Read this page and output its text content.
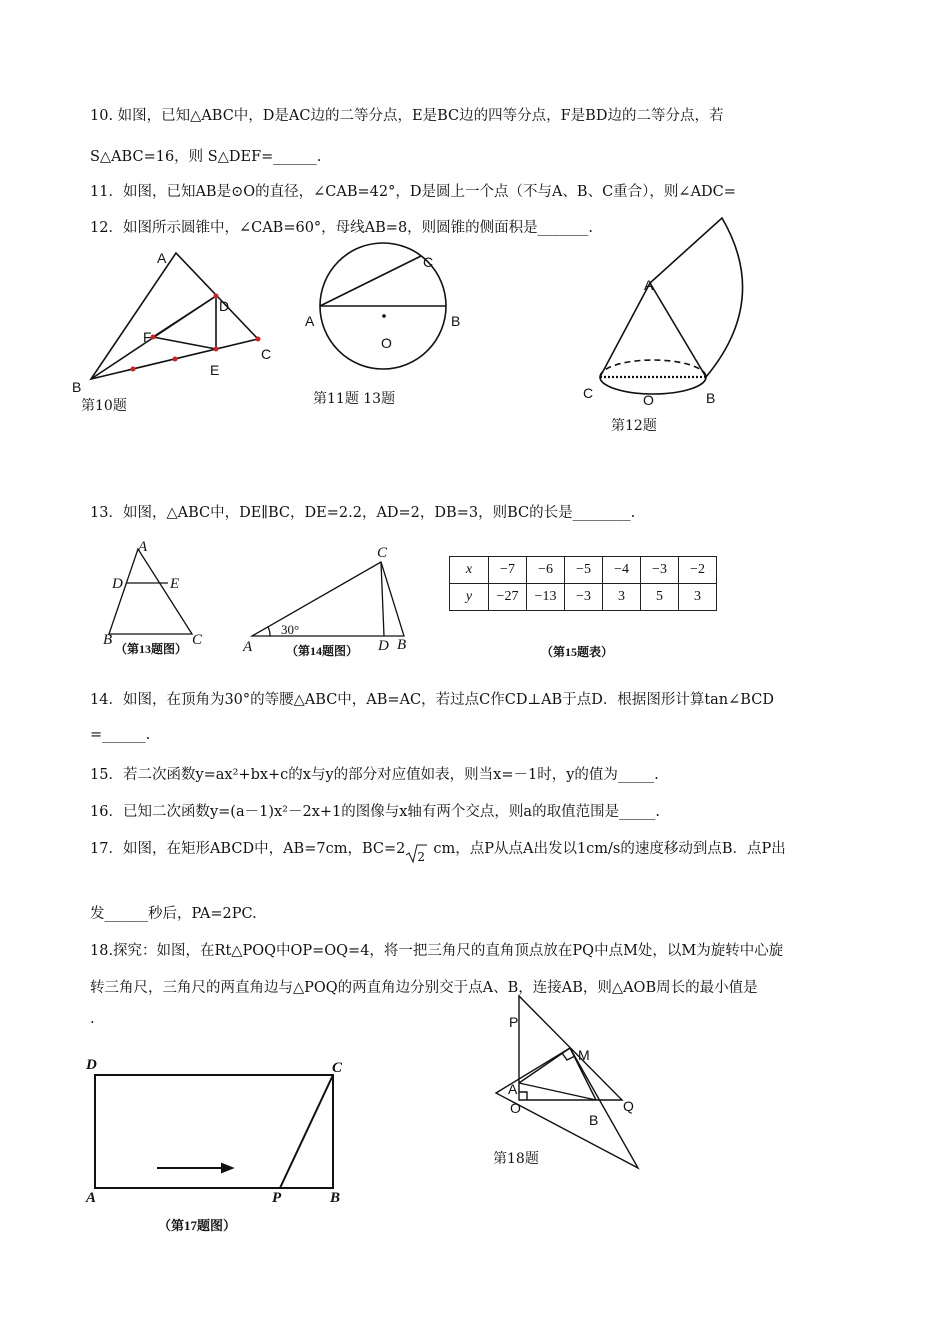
10. 如图，已知△ABC中，D是AC边的二等分点，E是BC边的四等分点，F是BD边的二等分点，若
S△ABC=16，则 S△DEF=______.
11．如图，已知AB是⊙O的直径，∠CAB=42°，D是圆上一个点（不与A、B、C重合），则∠ADC=
12．如图所示圆锥中，∠CAB=60°，母线AB=8，则圆锥的侧面积是_______.
13．如图，△ABC中，DE∥BC，DE=2.2，AD=2，DB=3，则BC的长是________.
14．如图，在顶角为30°的等腰△ABC中，AB=AC，若过点C作CD⊥AB于点D．根据图形计算tan∠BCD
=______.
15．若二次函数y=ax²+bx+c的x与y的部分对应值如表，则当x=－1时，y的值为_____.
16．已知二次函数y=(a－1)x²－2x+1的图像与x轴有两个交点，则a的取值范围是_____.
17．如图，在矩形ABCD中，AB=7cm，BC=2 2 cm，点P从点A出发以1cm/s的速度移动到点B．点P出
发______秒后，PA=2PC.
18.探究：如图，在Rt△POQ中OP=OQ=4，将一把三角尺的直角顶点放在PQ中点M处，以M为旋转中心旋
转三角尺，三角尺的两直角边与△POQ的两直角边分别交于点A、B，连接AB，则△AOB周长的最小值是
.
A
D
F
C
E
B
第10题
C
A	B
O
第11题 13题
A
C	O	B
第12题
A
D	E
B	C
（第13题图）
C
30°
A	D B
（第14题图）
x	−7	−6	−5	−4	−3	−2
y	−27	−13	−3	3	5	3
（第15题表）
D	C
A	P	B
（第17题图）
P
M
A
O	Q
B
第18题
